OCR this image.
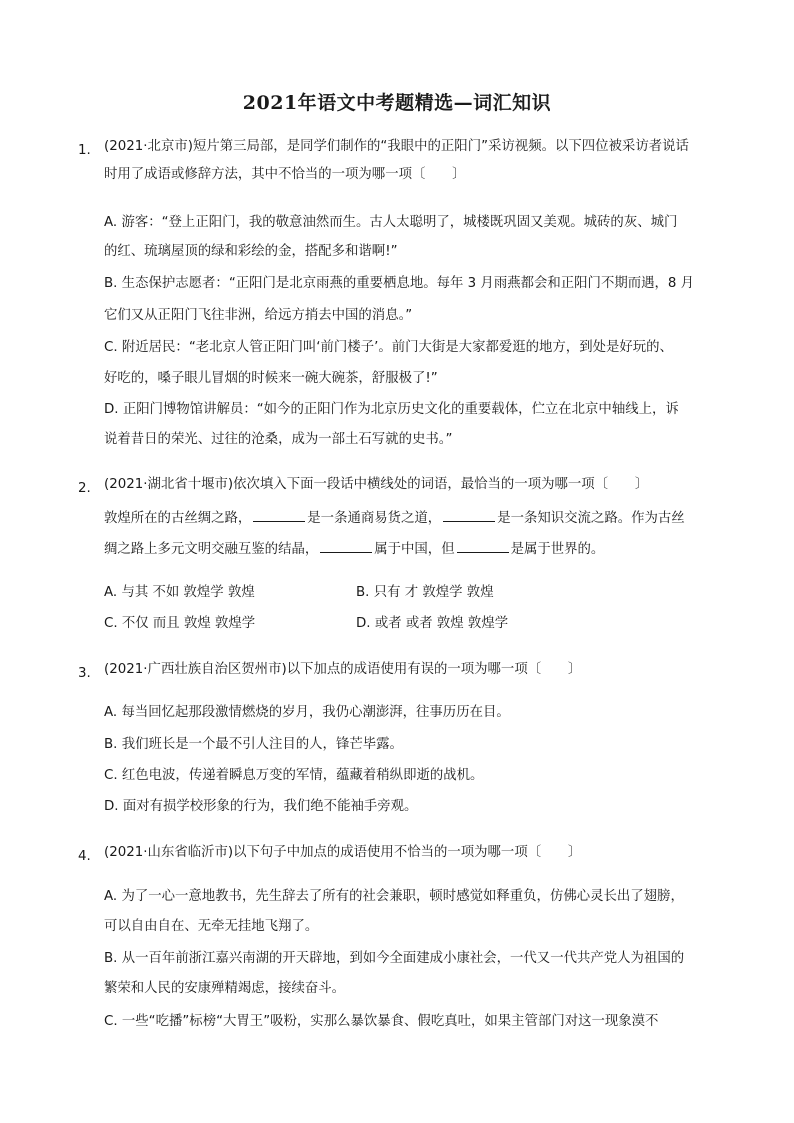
2021年语文中考题精选—词汇知识
1. (2021·北京市)短片第三局部，是同学们制作的“我眼中的正阳门”采访视频。以下四位被采访者说话
时用了成语或修辞方法，其中不恰当的一项为哪一项〔　　〕
A. 游客：“登上正阳门，我的敬意油然而生。古人太聪明了，城楼既巩固又美观。城砖的灰、城门
的红、琉璃屋顶的绿和彩绘的金，搭配多和谐啊!”
B. 生态保护志愿者：“正阳门是北京雨燕的重要栖息地。每年 3 月雨燕都会和正阳门不期而遇，8 月
它们又从正阳门飞往非洲，给远方捎去中国的消息。”
C. 附近居民：“老北京人管正阳门叫‘前门楼子’。前门大街是大家都爱逛的地方，到处是好玩的、
好吃的，嗓子眼儿冒烟的时候来一碗大碗茶，舒服极了!”
D. 正阳门博物馆讲解员：“如今的正阳门作为北京历史文化的重要载体，伫立在北京中轴线上，诉
说着昔日的荣光、过往的沧桑，成为一部土石写就的史书。”
2. (2021·湖北省十堰市)依次填入下面一段话中横线处的词语，最恰当的一项为哪一项〔　　〕
敦煌所在的古丝绸之路，	是一条通商易货之道，	是一条知识交流之路。作为古丝
绸之路上多元文明交融互鉴的结晶，	属于中国，但	是属于世界的。
A. 与其 不如 敦煌学 敦煌	B. 只有 才 敦煌学 敦煌
C. 不仅 而且 敦煌 敦煌学	D. 或者 或者 敦煌 敦煌学
3. (2021·广西壮族自治区贺州市)以下加点的成语使用有误的一项为哪一项〔　　〕
A. 每当回忆起那段激情燃烧的岁月，我仍心潮澎湃，往事历历在目。
B. 我们班长是一个最不引人注目的人，锋芒毕露。
C. 红色电波，传递着瞬息万变的军情，蕴藏着稍纵即逝的战机。
D. 面对有损学校形象的行为，我们绝不能袖手旁观。
4. (2021·山东省临沂市)以下句子中加点的成语使用不恰当的一项为哪一项〔　　〕
A. 为了一心一意地教书，先生辞去了所有的社会兼职，顿时感觉如释重负，仿佛心灵长出了翅膀，
可以自由自在、无牵无挂地飞翔了。
B. 从一百年前浙江嘉兴南湖的开天辟地，到如今全面建成小康社会，一代又一代共产党人为祖国的
繁荣和人民的安康殚精竭虑，接续奋斗。
C. 一些“吃播”标榜“大胃王”吸粉，实那么暴饮暴食、假吃真吐，如果主管部门对这一现象漠不
